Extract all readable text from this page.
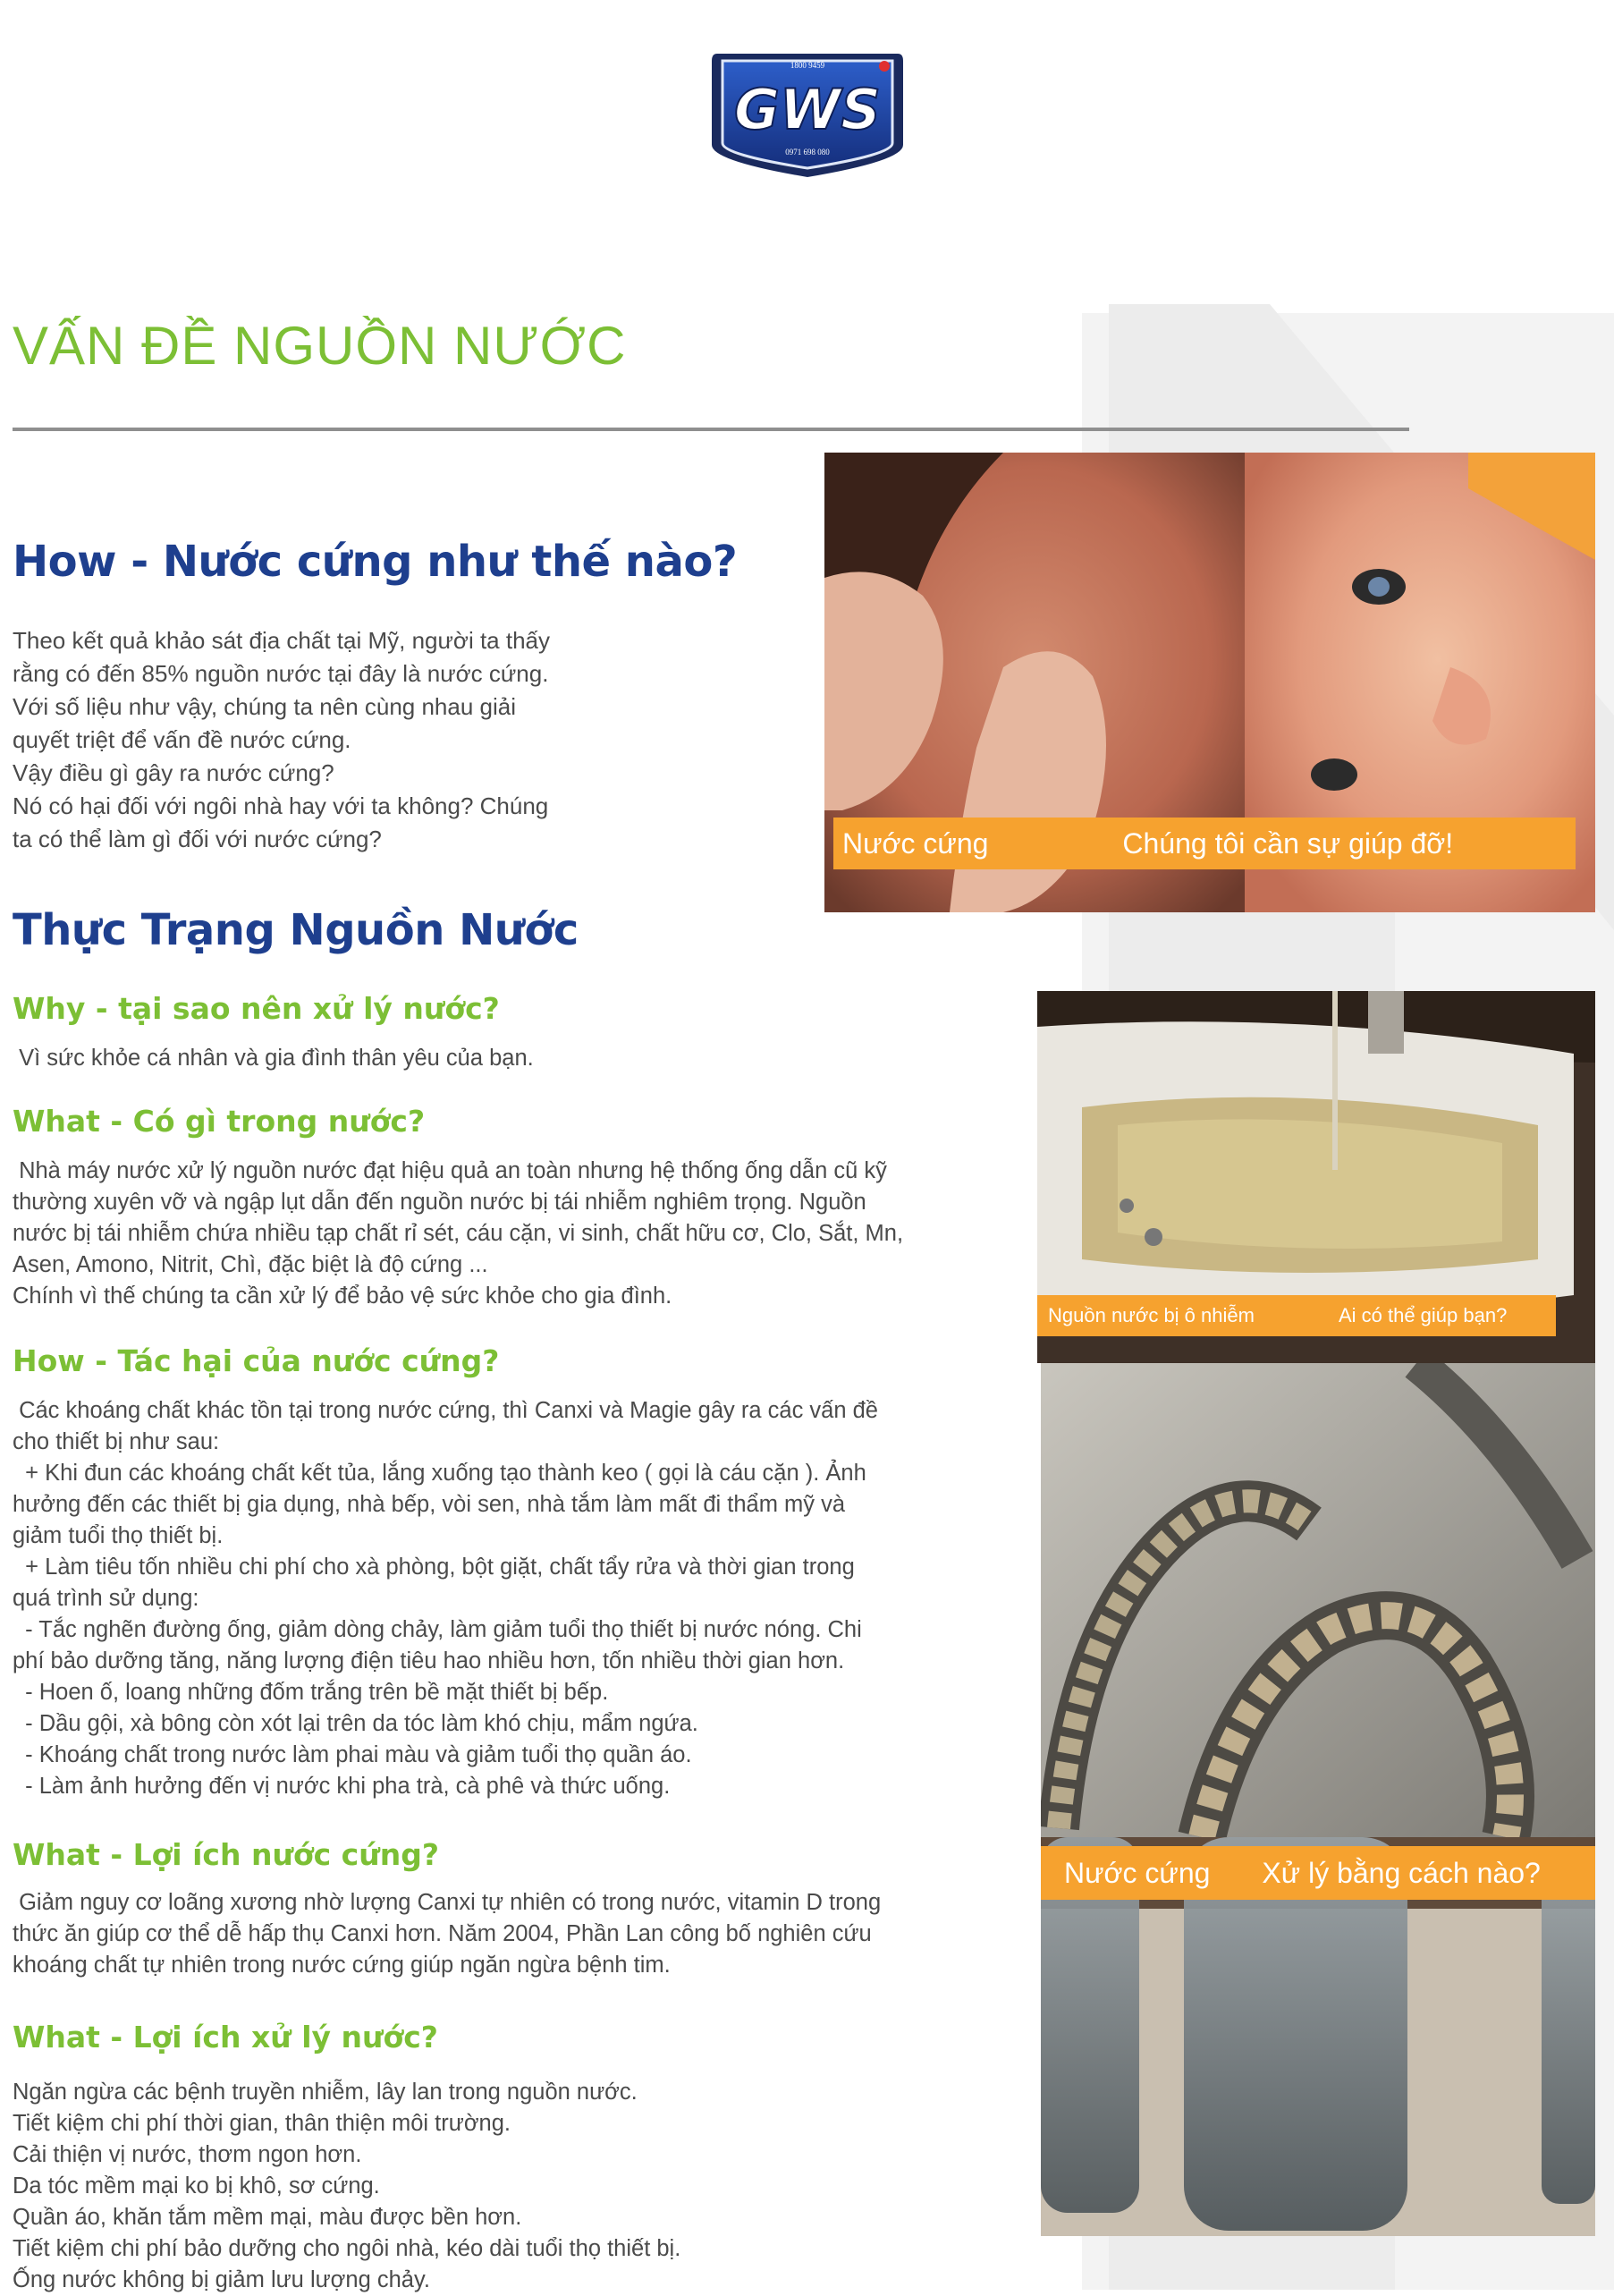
1800 9459
GWS
0971 698 080
VẤN ĐỀ NGUỒN NƯỚC
How - Nước cứng như thế nào?

Theo kết quả khảo sát địa chất tại Mỹ, người ta thấy

rằng có đến 85% nguồn nước tại đây là nước cứng.

Với số liệu như vậy, chúng ta nên cùng nhau giải

quyết triệt để vấn đề nước cứng.

Vậy điều gì gây ra nước cứng?

Nó có hại đối với ngôi nhà hay với ta không? Chúng

ta có thể làm gì đối với nước cứng?

Thực Trạng Nguồn Nước
Why - tại sao nên xử lý nước?

Vì sức khỏe cá nhân và gia đình thân yêu của bạn.

What - Có gì trong nước?

Nhà máy nước xử lý nguồn nước đạt hiệu quả an toàn nhưng hệ thống ống dẫn cũ kỹ

thường xuyên vỡ và ngập lụt dẫn đến nguồn nước bị tái nhiễm nghiêm trọng. Nguồn

nước bị tái nhiễm chứa nhiều tạp chất rỉ sét, cáu cặn, vi sinh, chất hữu cơ, Clo, Sắt, Mn,

Asen, Amono, Nitrit, Chì, đặc biệt là độ cứng ...

Chính vì thế chúng ta cần xử lý để bảo vệ sức khỏe cho gia đình.

How - Tác hại của nước cứng?

Các khoáng chất khác tồn tại trong nước cứng, thì Canxi và Magie gây ra các vấn đề

cho thiết bị như sau:

+ Khi đun các khoáng chất kết tủa, lắng xuống tạo thành keo ( gọi là cáu cặn ). Ảnh

hưởng đến các thiết bị gia dụng, nhà bếp, vòi sen, nhà tắm làm mất đi thẩm mỹ và

giảm tuổi thọ thiết bị.

+ Làm tiêu tốn nhiều chi phí cho xà phòng, bột giặt, chất tẩy rửa và thời gian trong

quá trình sử dụng:

- Tắc nghẽn đường ống, giảm dòng chảy, làm giảm tuổi thọ thiết bị nước nóng. Chi

phí bảo dưỡng tăng, năng lượng điện tiêu hao nhiều hơn, tốn nhiều thời gian hơn.

- Hoen ố, loang những đốm trắng trên bề mặt thiết bị bếp.

- Dầu gội, xà bông còn xót lại trên da tóc làm khó chịu, mẩm ngứa.

- Khoáng chất trong nước làm phai màu và giảm tuổi thọ quần áo.

- Làm ảnh hưởng đến vị nước khi pha trà, cà phê và thức uống.

What - Lợi ích nước cứng?

Giảm nguy cơ loãng xương nhờ lượng Canxi tự nhiên có trong nước, vitamin D trong

thức ăn giúp cơ thể dễ hấp thụ Canxi hơn. Năm 2004, Phần Lan công bố nghiên cứu

khoáng chất tự nhiên trong nước cứng giúp ngăn ngừa bệnh tim.

What - Lợi ích xử lý nước?

Ngăn ngừa các bệnh truyền nhiễm, lây lan trong nguồn nước.

Tiết kiệm chi phí thời gian, thân thiện môi trường.

Cải thiện vị nước, thơm ngon hơn.

Da tóc mềm mại ko bị khô, sơ cứng.

Quần áo, khăn tắm mềm mại, màu được bền hơn.

Tiết kiệm chi phí bảo dưỡng cho ngôi nhà, kéo dài tuổi thọ thiết bị.

Ống nước không bị giảm lưu lượng chảy.

Nước cứng	Chúng tôi cần sự giúp đỡ!
Nguồn nước bị ô nhiễm	Ai có thể giúp bạn?
Nước cứng Xử lý bằng cách nào?
